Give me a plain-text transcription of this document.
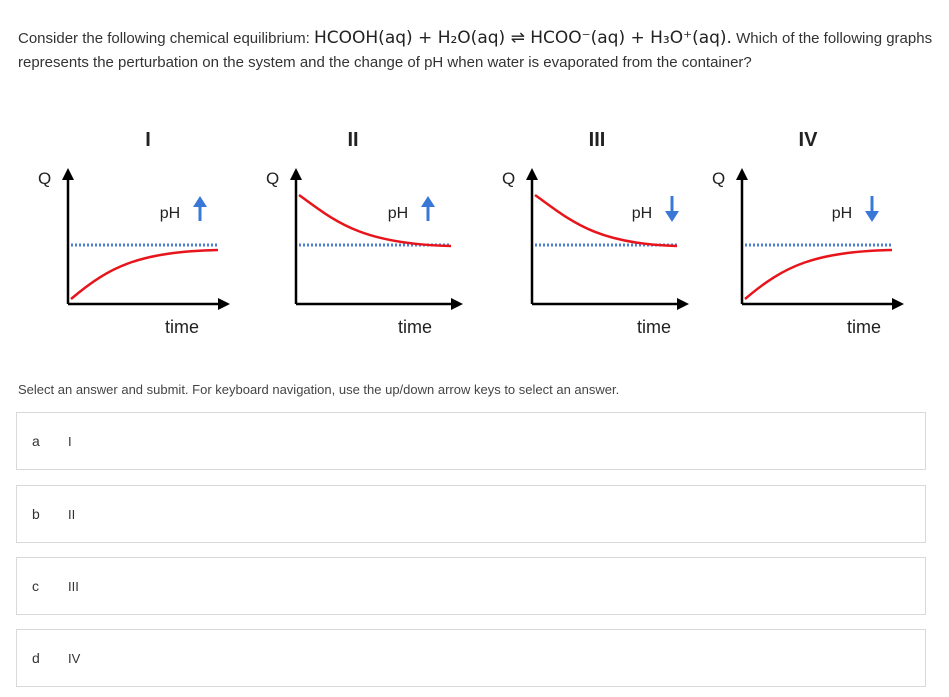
Consider the following chemical equilibrium: HCOOH(aq) + H₂O(aq) ⇌ HCOO⁻(aq) + H₃O⁺(aq). Which of the following graphs represents the perturbation on the system and the change of pH when water is evaporated from the container?
I
Q
time
pH
II
Q
time
pH
III
Q
time
pH
IV
Q
time
pH
Select an answer and submit. For keyboard navigation, use the up/down arrow keys to select an answer.
a I
b II
c III
d IV
